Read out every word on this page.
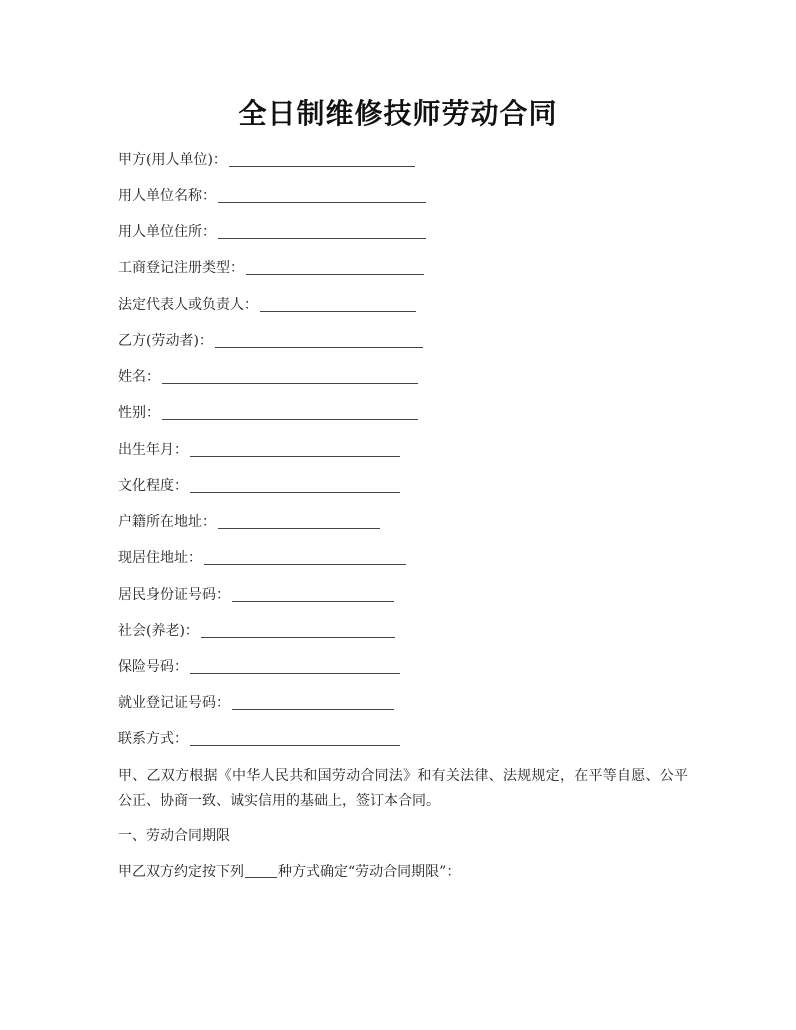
全日制维修技师劳动合同
甲方(用人单位)：
用人单位名称：
用人单位住所：
工商登记注册类型：
法定代表人或负责人：
乙方(劳动者)：
姓名：
性别：
出生年月：
文化程度：
户籍所在地址：
现居住地址：
居民身份证号码：
社会(养老)：
保险号码：
就业登记证号码：
联系方式：
甲、乙双方根据《中华人民共和国劳动合同法》和有关法律、法规规定，在平等自愿、公平公正、协商一致、诚实信用的基础上，签订本合同。
一、劳动合同期限
甲乙双方约定按下列 种方式确定“劳动合同期限”：
